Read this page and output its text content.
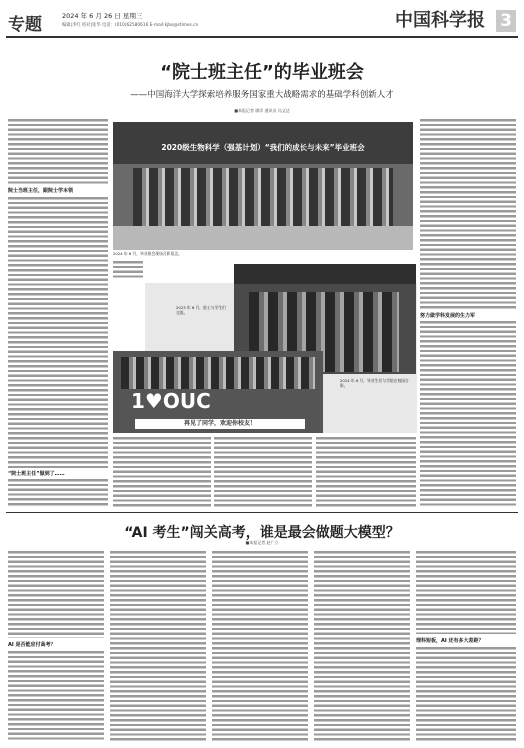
专题	2024 年 6 月 26 日 星期三
编辑|李红 校对|张华 电话：(010)62580616 E-mail:kjbs@stimes.cn	中国科学报 3
“院士班主任”的毕业班会
——中国海洋大学探索培养服务国家重大战略需求的基础学科创新人才
■本报记者 廖洋 通讯员 冯文达
院士当班主任，跟院士学本领
“院士班主任”做到了……
2020级生物科学（强基计划）“我们的成长与未来”毕业班会
2024 年 6 月，毕业班会现场合影留念。
努力做学科发展的生力军
2023 年 6 月，院士与学生们交流。
1♥OUC
再见了同学，欢迎你校友！
2024 年 6 月，毕业生们与学院在校园合影。
“AI 考生”闯关高考，谁是最会做题大模型？
■本报记者 赵广立
AI 是否能应付高考？
理科短板，AI 还有多大差距？
